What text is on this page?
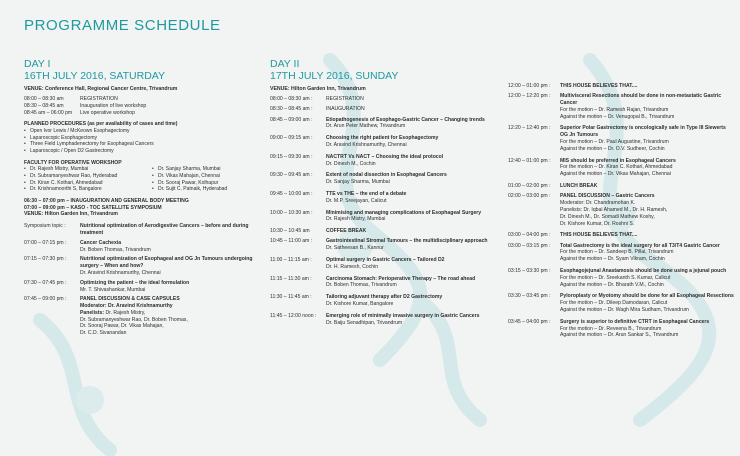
PROGRAMME SCHEDULE
DAY I
16TH JULY 2016, SATURDAY
VENUE: Conference Hall, Regional Cancer Centre, Trivandrum
08:00 – 08:30 am	REGISTRATION
08:30 – 08:45 am	Inauguration of live workshop
08:45 am – 06:00 pm	Live operative workshop
PLANNED PROCEDURES (as per availability of cases and time)
• Open Ivor Lewis / McKeown Esophagectomy
• Laparoscopic Esophagectomy
• Three Field Lymphadenectomy for Esophageal Cancers
• Laparoscopic / Open D2 Gastrectomy
FACULTY FOR OPERATIVE WORKSHOP
• Dr. Rajesh Mistry, Mumbai
• Dr. Subramanyeshwar Rao, Hyderabad
• Dr. Kiran C. Kothari, Ahmedabad
• Dr. Krishnamoorthi S, Bangalore
• Dr. Sanjay Sharma, Mumbai
• Dr. Vikas Mahajan, Chennai
• Dr. Sooraj Pawar, Kolhapur
• Dr. Sujit C. Patnaik, Hyderabad
06:30 – 07:00 pm – INAUGURATION AND GENERAL BODY MEETING
07:00 – 09:00 pm – KASO - TOC SATELLITE SYMPOSIUM
VENUE: Hilton Garden Inn, Trivandrum
Symposium topic :	Nutritional optimization of Aerodigestive Cancers – before and during treatment
07:00 – 07:15 pm :	Cancer Cachexia
Dr. Boben Thomas, Trivandrum
07:15 – 07:30 pm :	Nutritional optimization of Esophageal and OG Jn Tumours undergoing surgery – When and how?
Dr. Aravind Krishnamurthy, Chennai
07:30 – 07:45 pm :	Optimizing the patient – the ideal formulation
Mr. T. Shivashankar, Mumbai
07:45 – 09:00 pm :	PANEL DISCUSSION & CASE CAPSULES
Moderator: Dr. Aravind Krishnamurthy
Panelists: Dr. Rajesh Mistry,
Dr. Subramanyeshwar Rao, Dr. Boben Thomas,
Dr. Sooraj Pawar, Dr. Vikas Mahajan,
Dr. C.D. Sivanandan
DAY II
17TH JULY 2016, SUNDAY
VENUE: Hilton Garden Inn, Trivandrum
08:00 – 08:30 am :	REGISTRATION
08:30 – 08:45 am :	INAUGURATION
08:45 – 09:00 am :	Etiopathogenesis of Esophago-Gastric Cancer – Changing trends
Dr. Arun Peter Mathew, Trivandrum
09:00 – 09:15 am :	Choosing the right patient for Esophagectomy
Dr. Aravind Krishnamurthy, Chennai
09:15 – 09:30 am :	NACTRT Vs NACT – Choosing the ideal protocol
Dr. Dinesh M., Cochin
09:30 – 09:45 am :	Extent of nodal dissection in Esophageal Cancers
Dr. Sanjay Sharma, Mumbai
09:45 – 10:00 am :	TTE vs THE – the end of a debate
Dr. M.P. Sreejayan, Calicut
10:00 – 10:30 am :	Minimising and managing complications of Esophageal Surgery
Dr. Rajesh Mistry, Mumbai
10:30 – 10:45 am	COFFEE BREAK
10:45 – 11:00 am :	Gastrointestinal Stromal Tumours – the multidisciplinary approach
Dr. Satheesan B., Kannur
11:00 – 11:15 am :	Optimal surgery in Gastric Cancers – Tailored D2
Dr. H. Ramesh, Cochin
11:15 – 11:30 am :	Carcinoma Stomach: Perioperative Therapy – The road ahead
Dr. Boben Thomas, Trivandrum
11:30 – 11:45 am :	Tailoring adjuvant therapy after D2 Gastrectomy
Dr. Kishore Kumar, Bangalore
11:45 – 12:00 noon :	Emerging role of minimally invasive surgery in Gastric Cancers
Dr. Baiju Senadhipan, Trivandrum
12:00 – 01:00 pm :	THIS HOUSE BELIEVES THAT....
12:00 – 12:20 pm :	Multivisceral Resections should be done in non-metastatic Gastric Cancer
For the motion – Dr. Ramesh Rajan, Trivandrum
Against the motion – Dr. Venugopal B., Trivandrum
12:20 – 12:40 pm :	Superior Polar Gastrectomy is oncologically safe in Type III Siewerts OG Jn Tumours
For the motion – Dr. Paul Augustine, Trivandrum
Against the motion – Dr. O.V. Sudheer, Cochin
12:40 – 01:00 pm :	MIS should be preferred in Esophageal Cancers
For the motion – Dr. Kiran C. Kothari, Ahmedabad
Against the motion – Dr. Vikas Mahajan, Chennai
01:00 – 02:00 pm :	LUNCH BREAK
02:00 – 03:00 pm :	PANEL DISCUSSION – Gastric Cancers
Moderator: Dr. Chandramohan K.
Panelists: Dr. Iqbal Ahamed M., Dr. H. Ramesh,
Dr. Dinesh M., Dr. Somadi Mathew Koshy,
Dr. Kishore Kumar, Dr. Roshni S.
03:00 – 04:00 pm :	THIS HOUSE BELIEVES THAT....
03:00 – 03:15 pm :	Total Gastrectomy is the ideal surgery for all T3/T4 Gastric Cancer
For the motion – Dr. Sandeep B. Pillai, Trivandrum
Against the motion – Dr. Syam Vikram, Cochin
03:15 – 03:30 pm :	Esophagojejunal Anastamosis should be done using a jejunal pouch
For the motion – Dr. Sreekanth S. Kumar, Calicut
Against the motion – Dr. Bharath V.M., Cochin
03:30 – 03:45 pm :	Pyloroplasty or Myotomy should be done for all Esophageal Resections
For the motion – Dr. Dileep Damodaran, Calicut
Against the motion – Dr. Wagh Mira Sudham, Trivandrum
03:45 – 04:00 pm :	Surgery is superior to definitive CTRT in Esophageal Cancers
For the motion – Dr. Reveena B., Trivandrum
Against the motion – Dr. Arun Sankar S., Trivandrum
